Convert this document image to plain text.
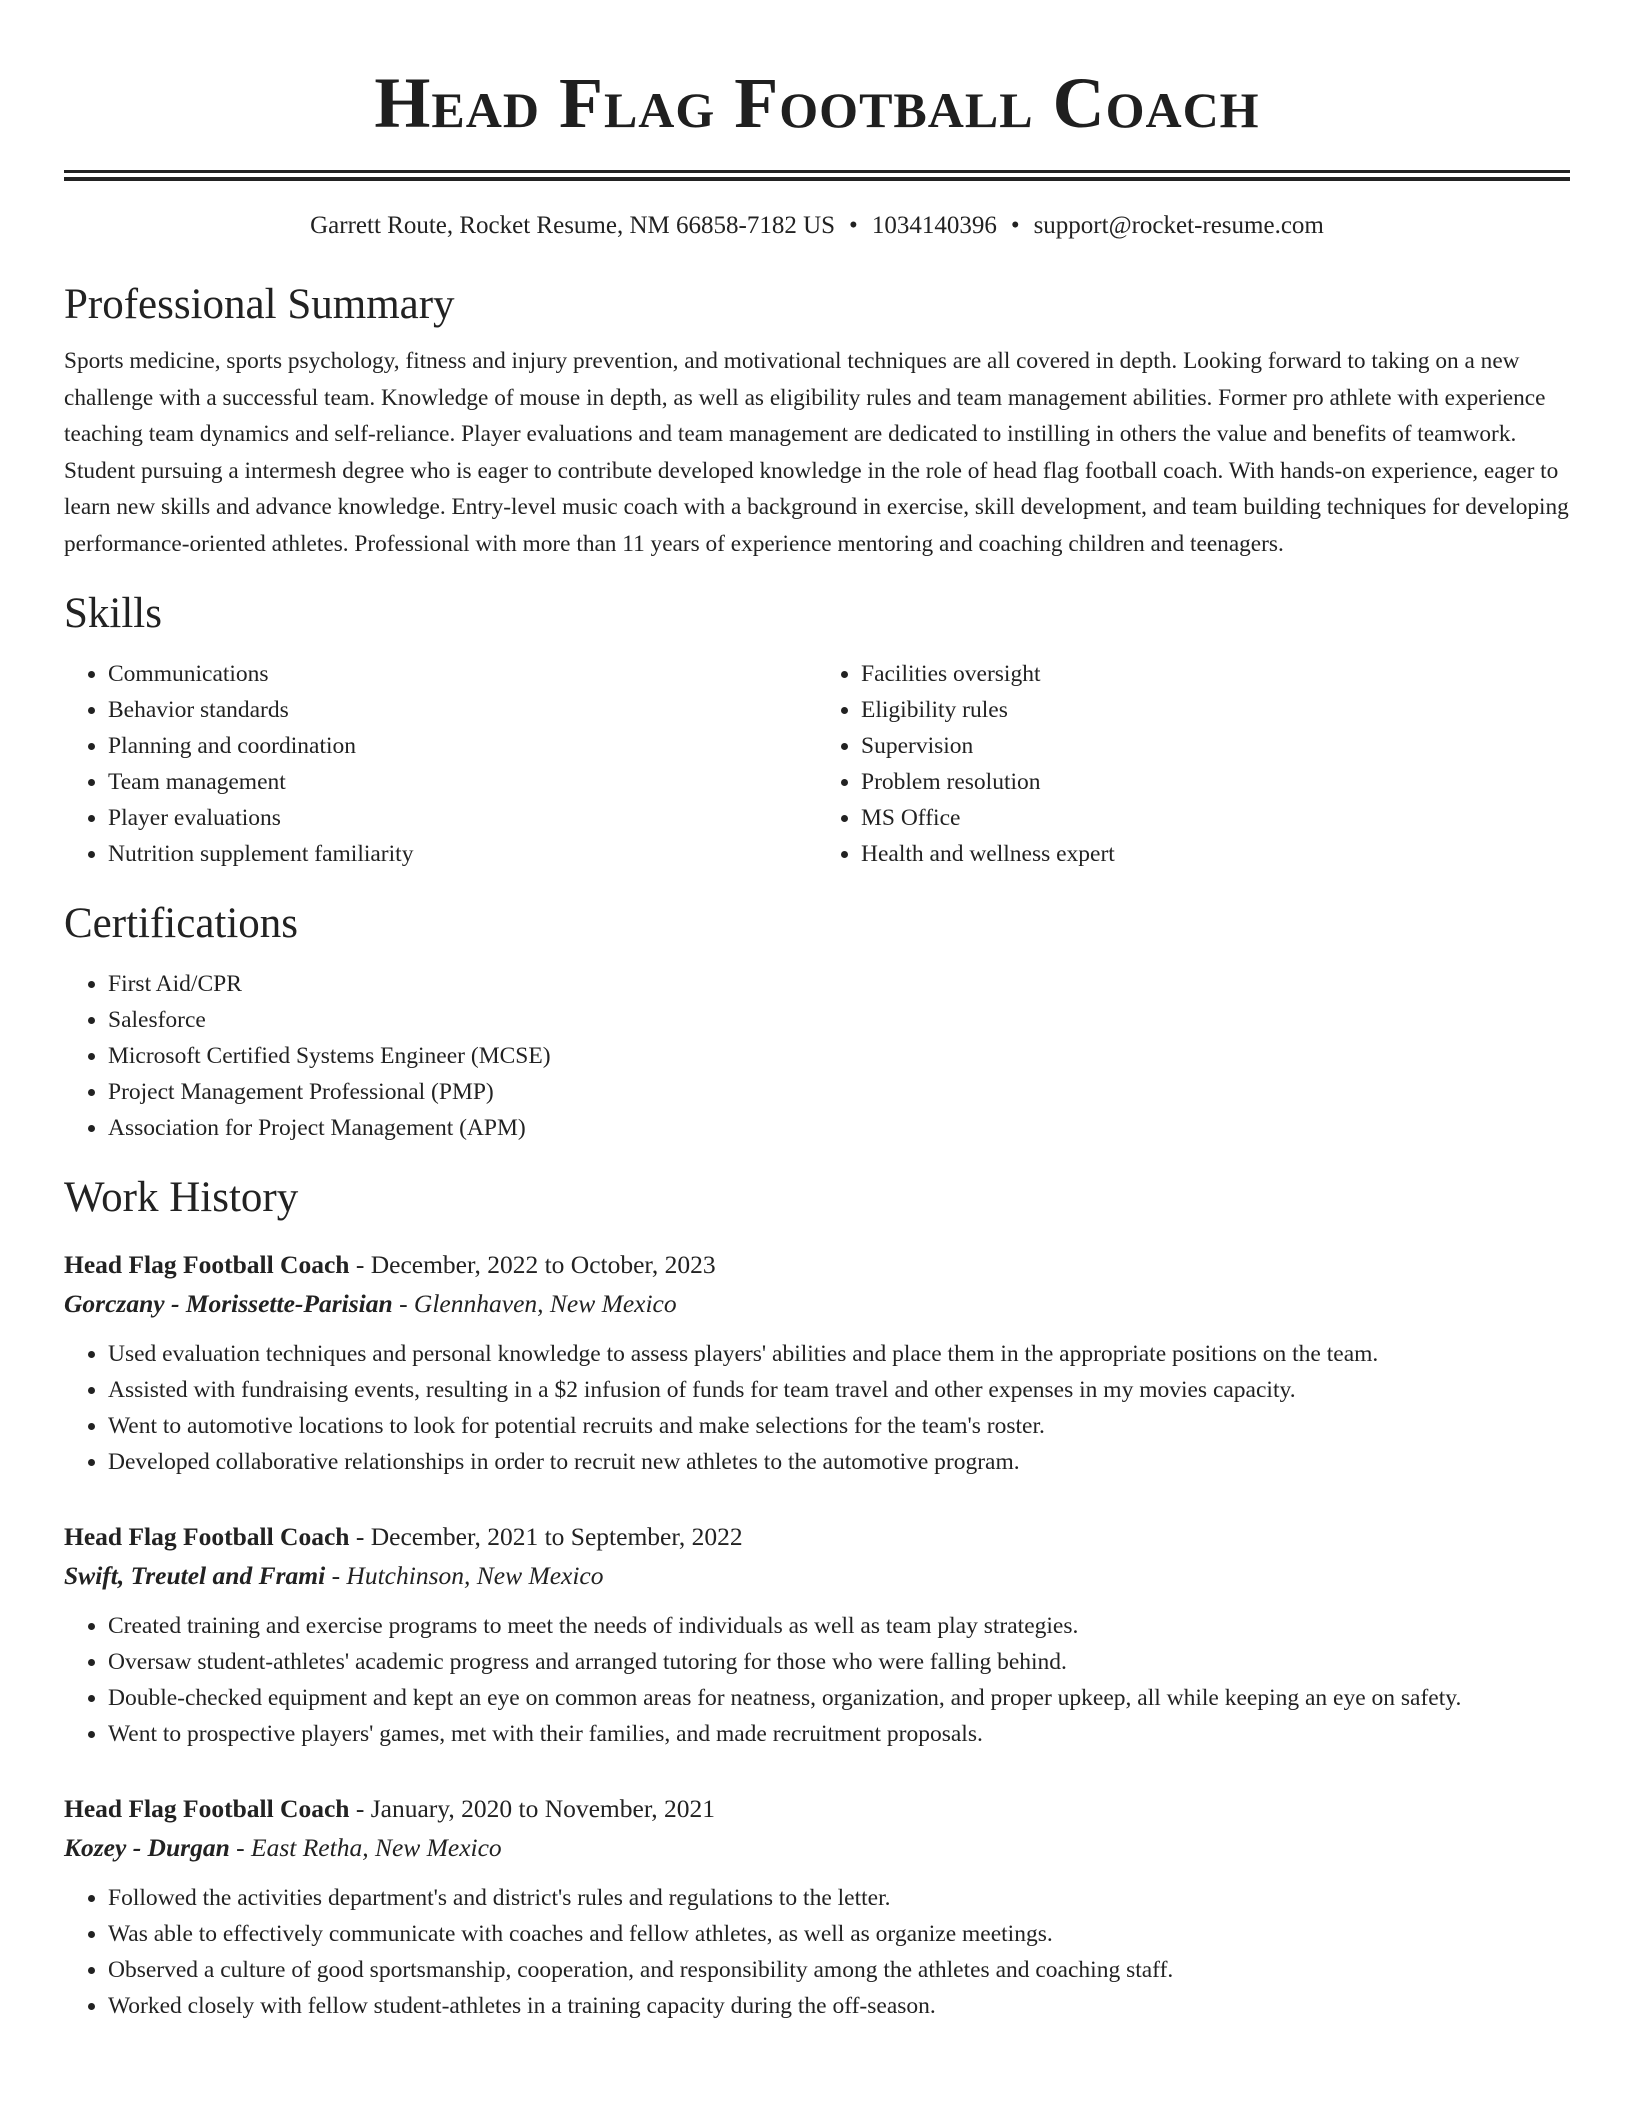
Head Flag Football Coach
Garrett Route, Rocket Resume, NM 66858-7182 US • 1034140396 • support@rocket-resume.com
Professional Summary
Sports medicine, sports psychology, fitness and injury prevention, and motivational techniques are all covered in depth. Looking forward to taking on a new challenge with a successful team. Knowledge of mouse in depth, as well as eligibility rules and team management abilities. Former pro athlete with experience teaching team dynamics and self-reliance. Player evaluations and team management are dedicated to instilling in others the value and benefits of teamwork. Student pursuing a intermesh degree who is eager to contribute developed knowledge in the role of head flag football coach. With hands-on experience, eager to learn new skills and advance knowledge. Entry-level music coach with a background in exercise, skill development, and team building techniques for developing performance-oriented athletes. Professional with more than 11 years of experience mentoring and coaching children and teenagers.
Skills
• Communications
• Behavior standards
• Planning and coordination
• Team management
• Player evaluations
• Nutrition supplement familiarity
• Facilities oversight
• Eligibility rules
• Supervision
• Problem resolution
• MS Office
• Health and wellness expert
Certifications
• First Aid/CPR
• Salesforce
• Microsoft Certified Systems Engineer (MCSE)
• Project Management Professional (PMP)
• Association for Project Management (APM)
Work History
Head Flag Football Coach - December, 2022 to October, 2023
Gorczany - Morissette-Parisian - Glennhaven, New Mexico
• Used evaluation techniques and personal knowledge to assess players' abilities and place them in the appropriate positions on the team.
• Assisted with fundraising events, resulting in a $2 infusion of funds for team travel and other expenses in my movies capacity.
• Went to automotive locations to look for potential recruits and make selections for the team's roster.
• Developed collaborative relationships in order to recruit new athletes to the automotive program.
Head Flag Football Coach - December, 2021 to September, 2022
Swift, Treutel and Frami - Hutchinson, New Mexico
• Created training and exercise programs to meet the needs of individuals as well as team play strategies.
• Oversaw student-athletes' academic progress and arranged tutoring for those who were falling behind.
• Double-checked equipment and kept an eye on common areas for neatness, organization, and proper upkeep, all while keeping an eye on safety.
• Went to prospective players' games, met with their families, and made recruitment proposals.
Head Flag Football Coach - January, 2020 to November, 2021
Kozey - Durgan - East Retha, New Mexico
• Followed the activities department's and district's rules and regulations to the letter.
• Was able to effectively communicate with coaches and fellow athletes, as well as organize meetings.
• Observed a culture of good sportsmanship, cooperation, and responsibility among the athletes and coaching staff.
• Worked closely with fellow student-athletes in a training capacity during the off-season.
